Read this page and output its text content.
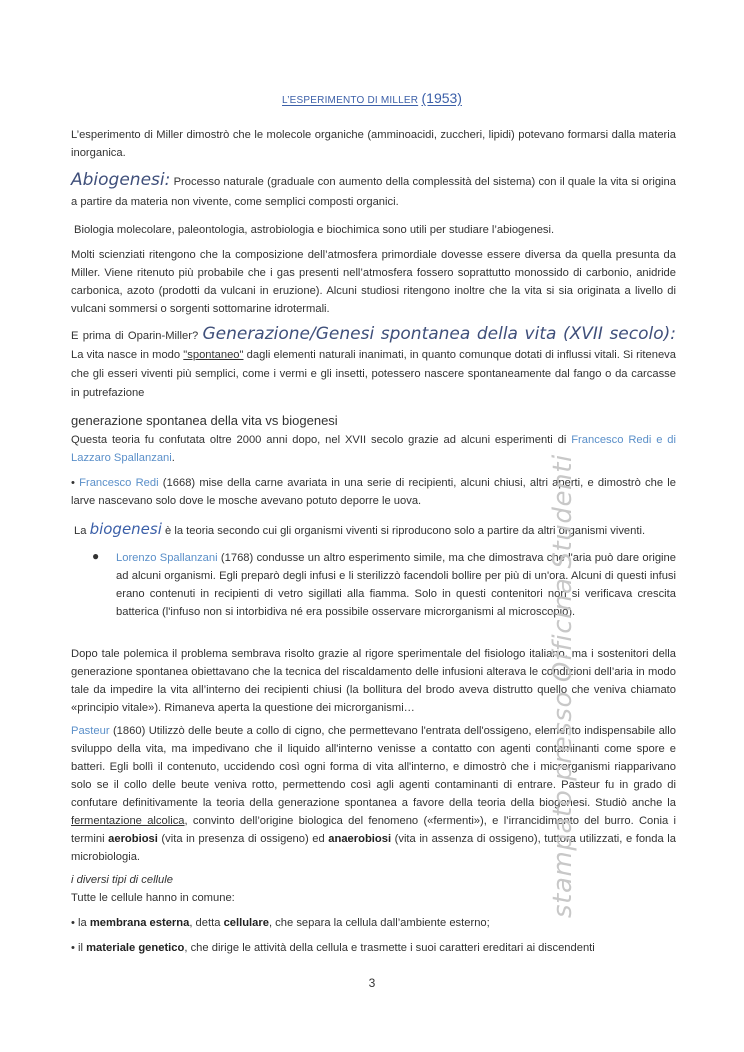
L’ESPERIMENTO DI MILLER (1953)
L’esperimento di Miller dimostrò che le molecole organiche (amminoacidi, zuccheri, lipidi) potevano formarsi dalla materia inorganica.
Abiogenesi: Processo naturale (graduale con aumento della complessità del sistema) con il quale la vita si origina a partire da materia non vivente, come semplici composti organici.
Biologia molecolare, paleontologia, astrobiologia e biochimica sono utili per studiare l’abiogenesi.
Molti scienziati ritengono che la composizione dell’atmosfera primordiale dovesse essere diversa da quella presunta da Miller. Viene ritenuto più probabile che i gas presenti nell’atmosfera fossero soprattutto monossido di carbonio, anidride carbonica, azoto (prodotti da vulcani in eruzione). Alcuni studiosi ritengono inoltre che la vita si sia originata a livello di vulcani sommersi o sorgenti sottomarine idrotermali.
E prima di Oparin-Miller? Generazione/Genesi spontanea della vita (XVII secolo): La vita nasce in modo "spontaneo" dagli elementi naturali inanimati, in quanto comunque dotati di influssi vitali. Si riteneva che gli esseri viventi più semplici, come i vermi e gli insetti, potessero nascere spontaneamente dal fango o da carcasse in putrefazione
generazione spontanea della vita vs biogenesi
Questa teoria fu confutata oltre 2000 anni dopo, nel XVII secolo grazie ad alcuni esperimenti di Francesco Redi e di Lazzaro Spallanzani.
• Francesco Redi (1668) mise della carne avariata in una serie di recipienti, alcuni chiusi, altri aperti, e dimostrò che le larve nascevano solo dove le mosche avevano potuto deporre le uova.
La biogenesi è la teoria secondo cui gli organismi viventi si riproducono solo a partire da altri organismi viventi.
● Lorenzo Spallanzani (1768) condusse un altro esperimento simile, ma che dimostrava che l'aria può dare origine ad alcuni organismi. Egli preparò degli infusi e li sterilizzò facendoli bollire per più di un'ora. Alcuni di questi infusi erano contenuti in recipienti di vetro sigillati alla fiamma. Solo in questi contenitori non si verificava crescita batterica (l'infuso non si intorbidiva né era possibile osservare microrganismi al microscopio).
Dopo tale polemica il problema sembrava risolto grazie al rigore sperimentale del fisiologo italiano, ma i sostenitori della generazione spontanea obiettavano che la tecnica del riscaldamento delle infusioni alterava le condizioni dell’aria in modo tale da impedire la vita all’interno dei recipienti chiusi (la bollitura del brodo aveva distrutto quello che veniva chiamato «principio vitale»). Rimaneva aperta la questione dei microrganismi…
Pasteur (1860) Utilizzò delle beute a collo di cigno, che permettevano l'entrata dell'ossigeno, elemento indispensabile allo sviluppo della vita, ma impedivano che il liquido all'interno venisse a contatto con agenti contaminanti come spore e batteri. Egli bollì il contenuto, uccidendo così ogni forma di vita all'interno, e dimostrò che i microrganismi riapparivano solo se il collo delle beute veniva rotto, permettendo così agli agenti contaminanti di entrare. Pasteur fu in grado di confutare definitivamente la teoria della generazione spontanea a favore della teoria della biogenesi. Studiò anche la fermentazione alcolica, convinto dell’origine biologica del fenomeno («fermenti»), e l’irrancidimento del burro. Conia i termini aerobiosi (vita in presenza di ossigeno) ed anaerobiosi (vita in assenza di ossigeno), tuttora utilizzati, e fonda la microbiologia.
i diversi tipi di cellule
Tutte le cellule hanno in comune:
• la membrana esterna, detta cellulare, che separa la cellula dall’ambiente esterno;
• il materiale genetico, che dirige le attività della cellula e trasmette i suoi caratteri ereditari ai discendenti
stampato presso Officina Studenti
3
